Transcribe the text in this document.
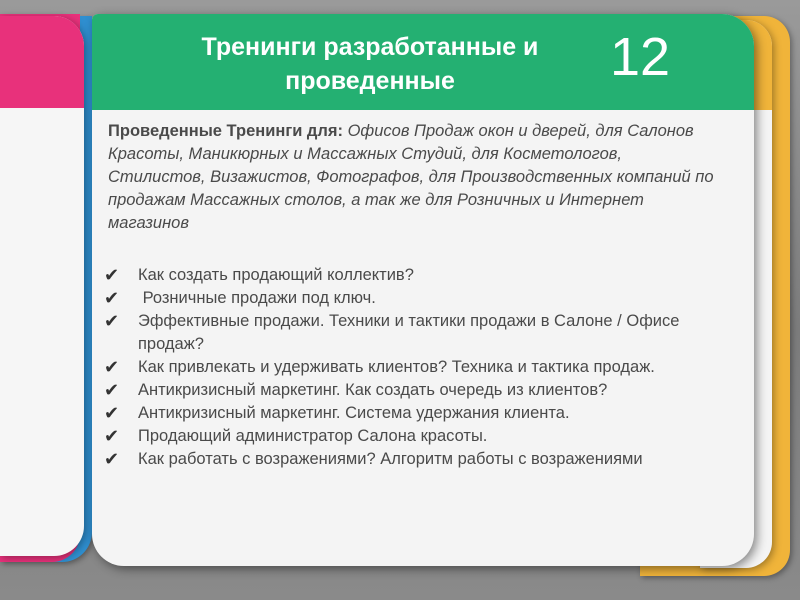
Тренинги разработанные и проведенные	12
Проведенные Тренинги для: Офисов Продаж окон и дверей, для Салонов Красоты, Маникюрных и Массажных Студий, для Косметологов, Стилистов, Визажистов, Фотографов, для Производственных компаний по продажам Массажных столов, а так же для Розничных и Интернет магазинов
✔	Как создать продающий коллектив?
✔	Розничные продажи под ключ.
✔	Эффективные продажи. Техники и тактики продажи в Салоне / Офисе продаж?
✔	Как привлекать и удерживать клиентов? Техника и тактика продаж.
✔	Антикризисный маркетинг. Как создать очередь из клиентов?
✔	Антикризисный маркетинг. Система удержания клиента.
✔	Продающий администратор Салона красоты.
✔	Как работать с возражениями? Алгоритм работы с возражениями
